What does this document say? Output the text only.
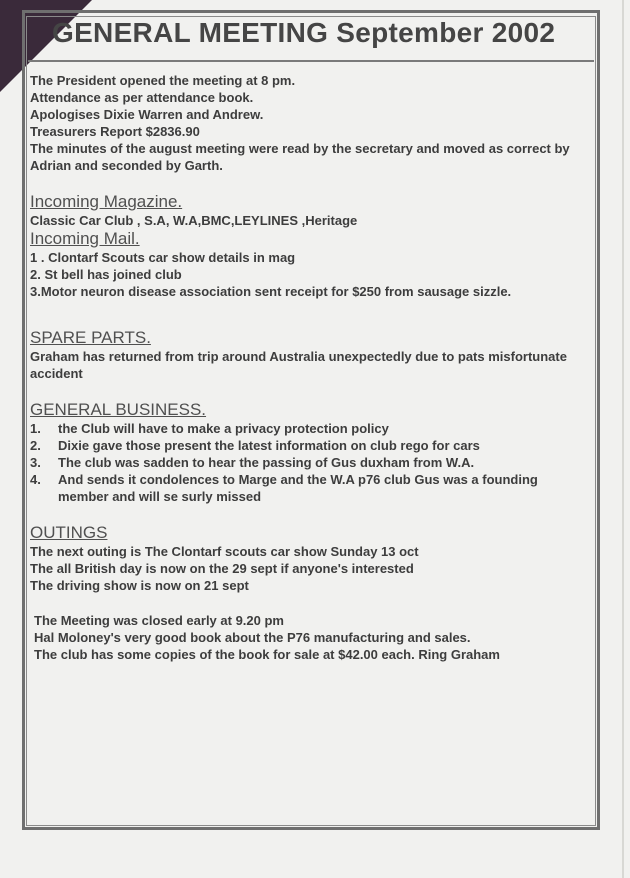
GENERAL MEETING September 2002
The President opened the meeting at 8 pm.
Attendance as per attendance book.
Apologises Dixie Warren and Andrew.
Treasurers Report $2836.90
The minutes of the august meeting were read by the secretary and moved as correct by Adrian and seconded by Garth.
Incoming Magazine.
Classic Car Club , S.A, W.A,BMC,LEYLINES ,Heritage
Incoming Mail.
1 . Clontarf Scouts car show details in mag
2. St bell has joined club
3.Motor neuron disease association sent receipt for $250 from sausage sizzle.
SPARE PARTS.
Graham has returned from trip around Australia unexpectedly due to pats misfortunate accident
GENERAL BUSINESS.
1.	the Club will have to make a privacy protection policy
2.	Dixie gave those present the latest information on club rego for cars
3.	The club was sadden to hear the passing of Gus duxham from W.A.
4.	And sends it condolences to Marge and the W.A p76 club Gus was a founding member and will se surly missed
OUTINGS
The next outing is The Clontarf scouts car show Sunday 13 oct
The all British day is now on the 29 sept if anyone's interested
The driving show is now on 21 sept
The Meeting was closed early at 9.20 pm
Hal Moloney's very good book about the P76 manufacturing and sales.
The club has some copies of the book for sale at $42.00 each. Ring Graham
